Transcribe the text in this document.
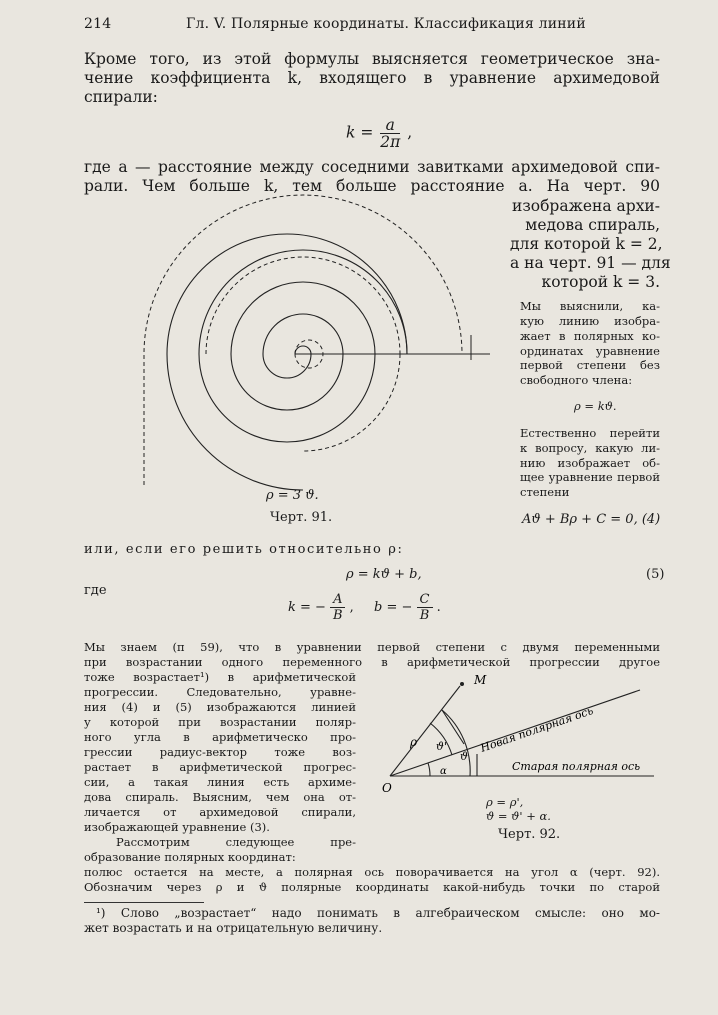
214	Гл. V. Полярные координаты. Классификация линий
Кроме того, из этой формулы выясняется геометрическое зна-
чение коэффициента k, входящего в уравнение архимедовой
спирали:
$k = \frac{a}{2\pi}$ ,
где a — расстояние между соседними завитками архимедовой спи-
рали. Чем больше k, тем больше расстояние a. На черт. 90
изображена архи-
медова спираль,
для которой k = 2,
а на черт. 91 — для
которой k = 3.
Мы выяснили, ка-
кую линию изобра-
жает в полярных ко-
ординатах уравнение
первой степени без
свободного члена:
ρ = kϑ.
Естественно перейти
к вопросу, какую ли-
нию изображает об-
щее уравнение первой
степени
Aϑ + Bρ + C = 0, (4)
ρ = 3 ϑ.
Черт. 91.
или, если его решить относительно ρ:
ρ = kϑ + b,	(5)
где
k = − $\frac{A}{B}$ , b = − $\frac{C}{B}$ .
Мы знаем (п 59), что в уравнении первой степени с двумя переменными
при возрастании одного переменного в арифметической прогрессии другое
тоже возрастает¹) в арифметической
прогрессии. Следовательно, уравне-
ния (4) и (5) изображаются линией
у которой при возрастании поляр-
ного угла в арифметическо про-
грессии радиус-вектор тоже воз-
растает в арифметической прогрес-
сии, а такая линия есть архиме-
дова спираль. Выясним, чем она от-
личается от архимедовой спирали,
изображающей уравнение (3).
Рассмотрим следующее пре-
образование полярных координат:
полюс остается на месте, а полярная ось поворачивается на угол α (черт. 92).
Обозначим через ρ и ϑ полярные координаты какой-нибудь точки по старой
M
O
ρ ϑ'
ϑ
α
Новая полярная ось
Старая полярная ось
ρ = ρ',
ϑ = ϑ' + α.
Черт. 92.
¹) Слово „возрастает“ надо понимать в алгебраическом смысле: оно мо-
жет возрастать и на отрицательную величину.
